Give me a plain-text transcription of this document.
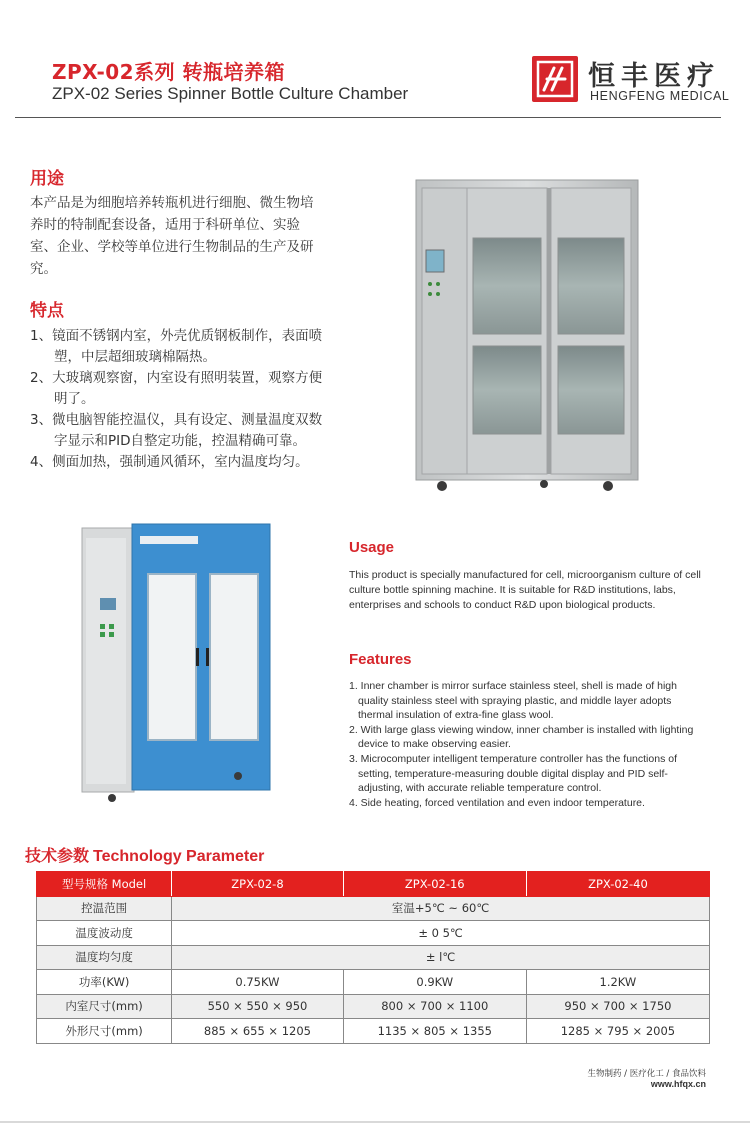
ZPX-02系列 转瓶培养箱
ZPX-02 Series Spinner Bottle Culture Chamber
恒丰医疗
HENGFENG MEDICAL
用途
本产品是为细胞培养转瓶机进行细胞、微生物培养时的特制配套设备，适用于科研单位、实验室、企业、学校等单位进行生物制品的生产及研究。
特点
1、镜面不锈钢内室，外壳优质钢板制作，表面喷塑，中层超细玻璃棉隔热。
2、大玻璃观察窗，内室设有照明装置，观察方便明了。
3、微电脑智能控温仪，具有设定、测量温度双数字显示和PID自整定功能，控温精确可靠。
4、侧面加热，强制通风循环，室内温度均匀。
Usage
This product is specially manufactured for cell, microorganism culture of cell culture bottle spinning machine. It is suitable for R&D institutions, labs, enterprises and schools to conduct R&D upon biological products.
Features
1. Inner chamber is mirror surface stainless steel, shell is made of high quality stainless steel with spraying plastic, and middle layer adopts thermal insulation of extra-fine glass wool.
2. With large glass viewing window, inner chamber is installed with lighting device to make observing easier.
3. Microcomputer intelligent temperature controller has the functions of setting, temperature-measuring double digital display and PID self-adjusting, with accurate reliable temperature control.
4. Side heating, forced ventilation and even indoor temperature.
技术参数 Technology Parameter
型号规格 Model	ZPX-02-8	ZPX-02-16	ZPX-02-40
控温范围	室温+5℃ ~ 60℃		
温度波动度	± 0 5℃		
温度均匀度	± l℃		
功率(KW)	0.75KW	0.9KW	1.2KW
内室尺寸(mm)	550 × 550 × 950	800 × 700 × 1100	950 × 700 × 1750
外形尺寸(mm)	885 × 655 × 1205	1135 × 805 × 1355	1285 × 795 × 2005
生物制药 / 医疗化工 / 食品饮料
www.hfqx.cn
